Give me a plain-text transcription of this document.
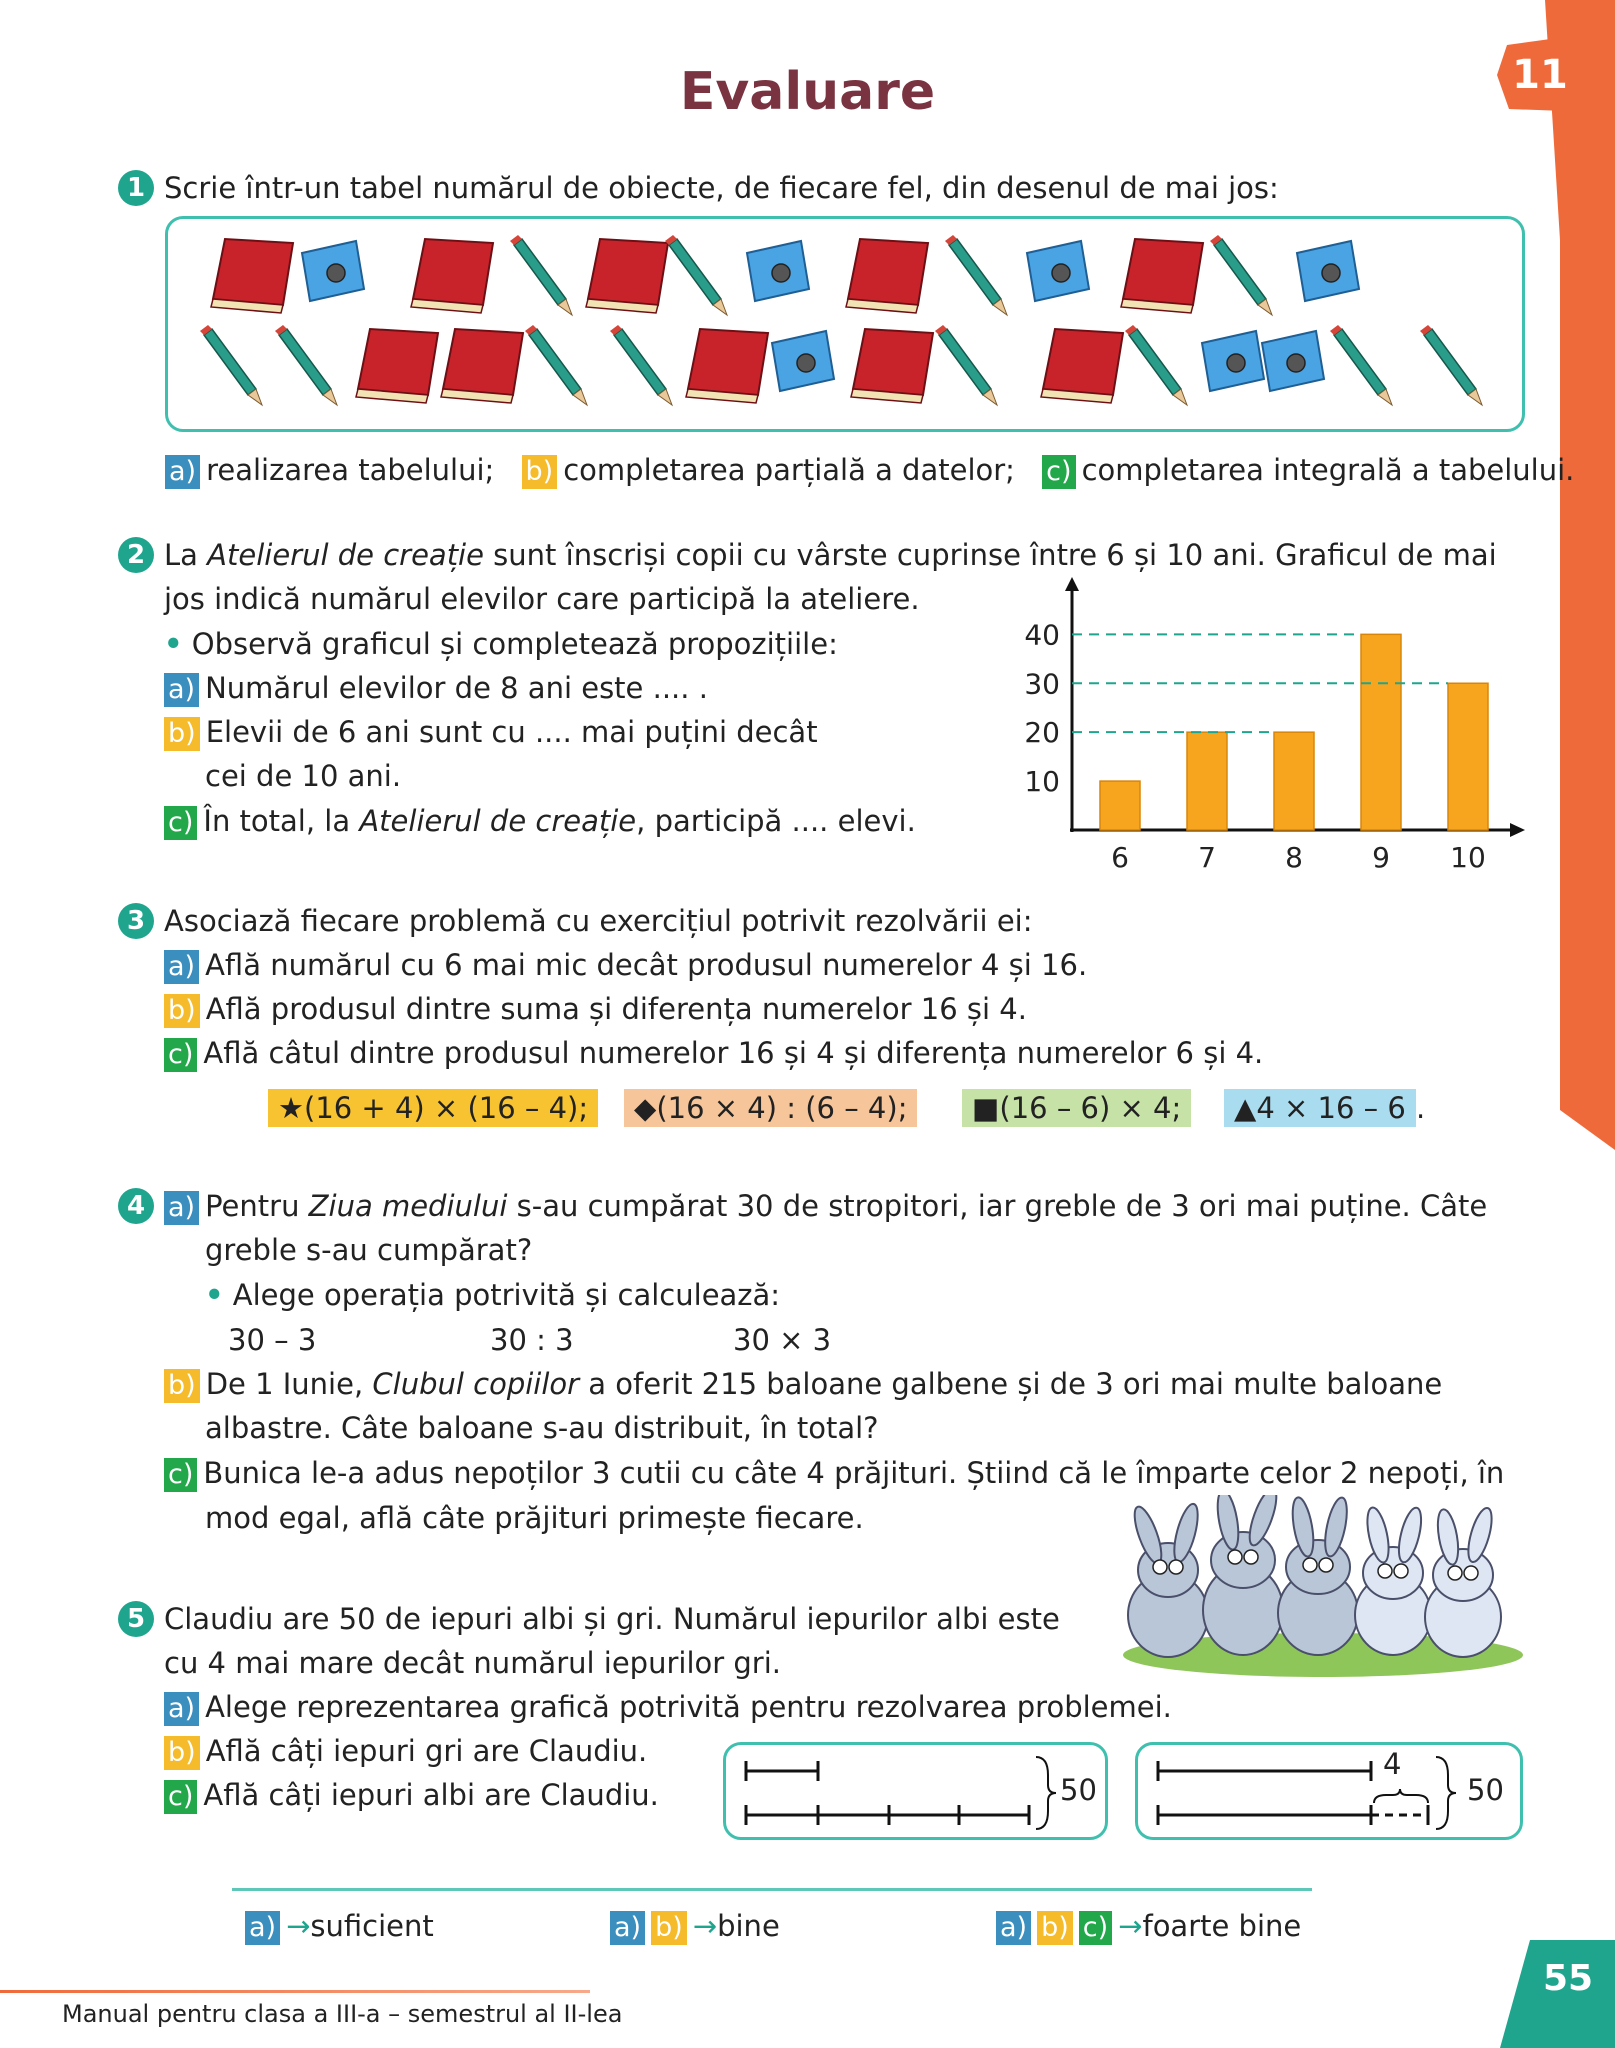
11
Evaluare
1 Scrie într-un tabel numărul de obiecte, de fiecare fel, din desenul de mai jos:
a) realizarea tabelului; b) completarea parțială a datelor; c) completarea integrală a tabelului.
2 La Atelierul de creație sunt înscriși copii cu vârste cuprinse între 6 și 10 ani. Graficul de mai
jos indică numărul elevilor care participă la ateliere.
• Observă graficul și completează propozițiile:
a) Numărul elevilor de 8 ani este .... .
b) Elevii de 6 ani sunt cu .... mai puțini decât
cei de 10 ani.
c) În total, la Atelierul de creație, participă .... elevi.
6 7 8 9 10
10
20
30
40
3 Asociază fiecare problemă cu exercițiul potrivit rezolvării ei:
a) Află numărul cu 6 mai mic decât produsul numerelor 4 și 16.
b) Află produsul dintre suma și diferența numerelor 16 și 4.
c) Află câtul dintre produsul numerelor 16 și 4 și diferența numerelor 6 și 4.
★(16 + 4) × (16 – 4);	◆(16 × 4) : (6 – 4);	■(16 – 6) × 4;	▲4 × 16 – 6 .
4 a) Pentru Ziua mediului s-au cumpărat 30 de stropitori, iar greble de 3 ori mai puține. Câte
greble s-au cumpărat?
• Alege operația potrivită și calculează:
30 – 3	30 : 3	30 × 3
b) De 1 Iunie, Clubul copiilor a oferit 215 baloane galbene și de 3 ori mai multe baloane
albastre. Câte baloane s-au distribuit, în total?
c) Bunica le-a adus nepoților 3 cutii cu câte 4 prăjituri. Știind că le împarte celor 2 nepoți, în
mod egal, află câte prăjituri primește fiecare.
5 Claudiu are 50 de iepuri albi și gri. Numărul iepurilor albi este
cu 4 mai mare decât numărul iepurilor gri.
a) Alege reprezentarea grafică potrivită pentru rezolvarea problemei.
b) Află câți iepuri gri are Claudiu.
c) Află câți iepuri albi are Claudiu.	50
4
50
a) →suficient	a) b) →bine	a) b) c) →foarte bine
Manual pentru clasa a III-a – semestrul al II-lea
55
